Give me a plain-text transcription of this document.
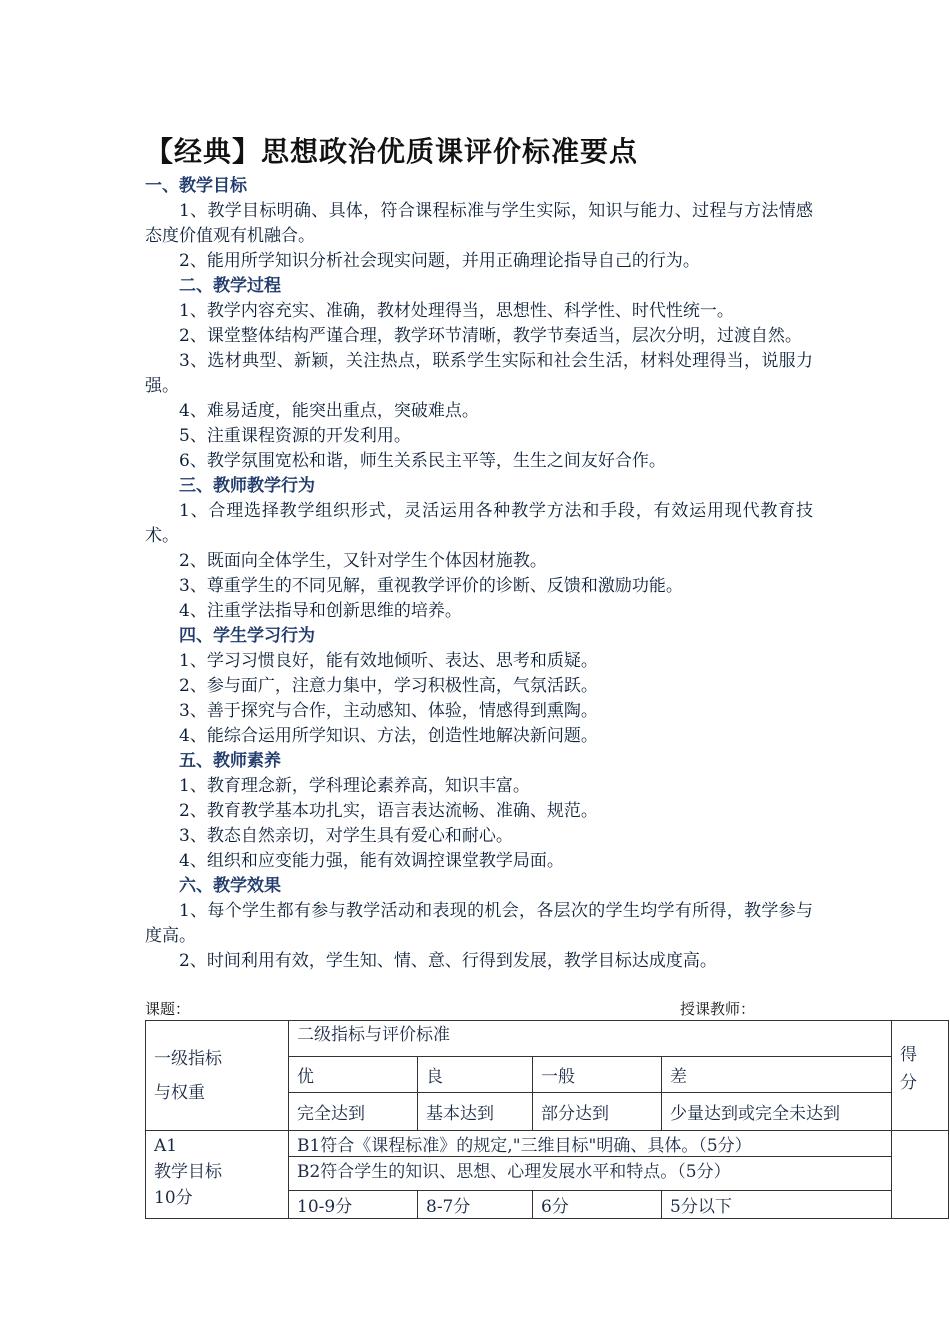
【经典】思想政治优质课评价标准要点
一、教学目标
1、教学目标明确、具体，符合课程标准与学生实际，知识与能力、过程与方法情感态度价值观有机融合。
2、能用所学知识分析社会现实问题，并用正确理论指导自己的行为。
二、教学过程
1、教学内容充实、准确，教材处理得当，思想性、科学性、时代性统一。
2、课堂整体结构严谨合理，教学环节清晰，教学节奏适当，层次分明，过渡自然。
3、选材典型、新颖，关注热点，联系学生实际和社会生活，材料处理得当，说服力强。
4、难易适度，能突出重点，突破难点。
5、注重课程资源的开发利用。
6、教学氛围宽松和谐，师生关系民主平等，生生之间友好合作。
三、教师教学行为
1、合理选择教学组织形式，灵活运用各种教学方法和手段，有效运用现代教育技术。
2、既面向全体学生，又针对学生个体因材施教。
3、尊重学生的不同见解，重视教学评价的诊断、反馈和激励功能。
4、注重学法指导和创新思维的培养。
四、学生学习行为
1、学习习惯良好，能有效地倾听、表达、思考和质疑。
2、参与面广，注意力集中，学习积极性高，气氛活跃。
3、善于探究与合作，主动感知、体验，情感得到熏陶。
4、能综合运用所学知识、方法，创造性地解决新问题。
五、教师素养
1、教育理念新，学科理论素养高，知识丰富。
2、教育教学基本功扎实，语言表达流畅、准确、规范。
3、教态自然亲切，对学生具有爱心和耐心。
4、组织和应变能力强，能有效调控课堂教学局面。
六、教学效果
1、每个学生都有参与教学活动和表现的机会，各层次的学生均学有所得，教学参与度高。
2、时间利用有效，学生知、情、意、行得到发展，教学目标达成度高。
课题：	授课教师：
一级指标
与权重	二级指标与评价标准				得分

	优	良	一般	差	
	完全达到	基本达到	部分达到	少量达到或完全未达到	

A1
教学目标
10分	B1符合《课程标准》的规定,"三维目标"明确、具体。（5分）				
	B2符合学生的知识、思想、心理发展水平和特点。（5分）				
	10-9分	8-7分	6分	5分以下	
